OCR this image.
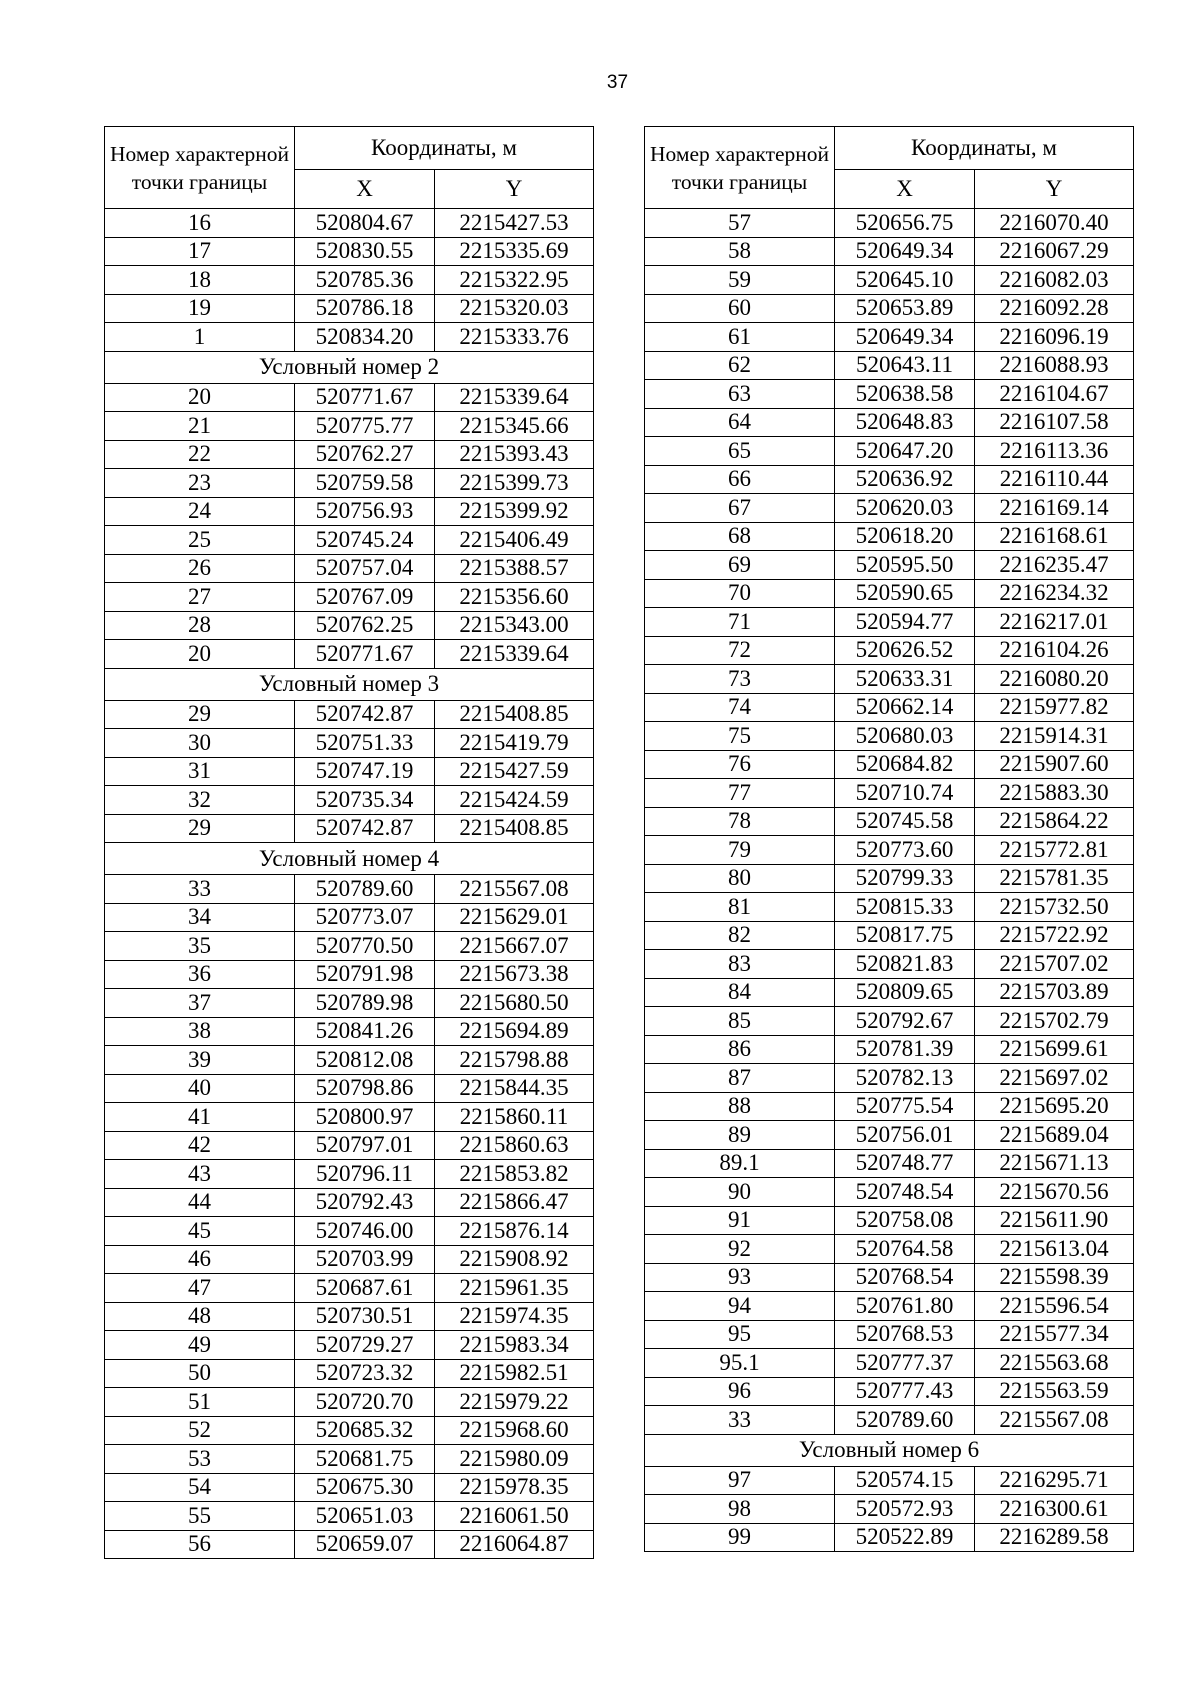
37
Номер характерной точки границы	Координаты, м	
	X	Y
16	520804.67	2215427.53
17	520830.55	2215335.69
18	520785.36	2215322.95
19	520786.18	2215320.03
1	520834.20	2215333.76
Условный номер 2		
20	520771.67	2215339.64
21	520775.77	2215345.66
22	520762.27	2215393.43
23	520759.58	2215399.73
24	520756.93	2215399.92
25	520745.24	2215406.49
26	520757.04	2215388.57
27	520767.09	2215356.60
28	520762.25	2215343.00
20	520771.67	2215339.64
Условный номер 3		
29	520742.87	2215408.85
30	520751.33	2215419.79
31	520747.19	2215427.59
32	520735.34	2215424.59
29	520742.87	2215408.85
Условный номер 4		
33	520789.60	2215567.08
34	520773.07	2215629.01
35	520770.50	2215667.07
36	520791.98	2215673.38
37	520789.98	2215680.50
38	520841.26	2215694.89
39	520812.08	2215798.88
40	520798.86	2215844.35
41	520800.97	2215860.11
42	520797.01	2215860.63
43	520796.11	2215853.82
44	520792.43	2215866.47
45	520746.00	2215876.14
46	520703.99	2215908.92
47	520687.61	2215961.35
48	520730.51	2215974.35
49	520729.27	2215983.34
50	520723.32	2215982.51
51	520720.70	2215979.22
52	520685.32	2215968.60
53	520681.75	2215980.09
54	520675.30	2215978.35
55	520651.03	2216061.50
56	520659.07	2216064.87
Номер характерной точки границы	Координаты, м	
	X	Y
57	520656.75	2216070.40
58	520649.34	2216067.29
59	520645.10	2216082.03
60	520653.89	2216092.28
61	520649.34	2216096.19
62	520643.11	2216088.93
63	520638.58	2216104.67
64	520648.83	2216107.58
65	520647.20	2216113.36
66	520636.92	2216110.44
67	520620.03	2216169.14
68	520618.20	2216168.61
69	520595.50	2216235.47
70	520590.65	2216234.32
71	520594.77	2216217.01
72	520626.52	2216104.26
73	520633.31	2216080.20
74	520662.14	2215977.82
75	520680.03	2215914.31
76	520684.82	2215907.60
77	520710.74	2215883.30
78	520745.58	2215864.22
79	520773.60	2215772.81
80	520799.33	2215781.35
81	520815.33	2215732.50
82	520817.75	2215722.92
83	520821.83	2215707.02
84	520809.65	2215703.89
85	520792.67	2215702.79
86	520781.39	2215699.61
87	520782.13	2215697.02
88	520775.54	2215695.20
89	520756.01	2215689.04
89.1	520748.77	2215671.13
90	520748.54	2215670.56
91	520758.08	2215611.90
92	520764.58	2215613.04
93	520768.54	2215598.39
94	520761.80	2215596.54
95	520768.53	2215577.34
95.1	520777.37	2215563.68
96	520777.43	2215563.59
33	520789.60	2215567.08
Условный номер 6		
97	520574.15	2216295.71
98	520572.93	2216300.61
99	520522.89	2216289.58
